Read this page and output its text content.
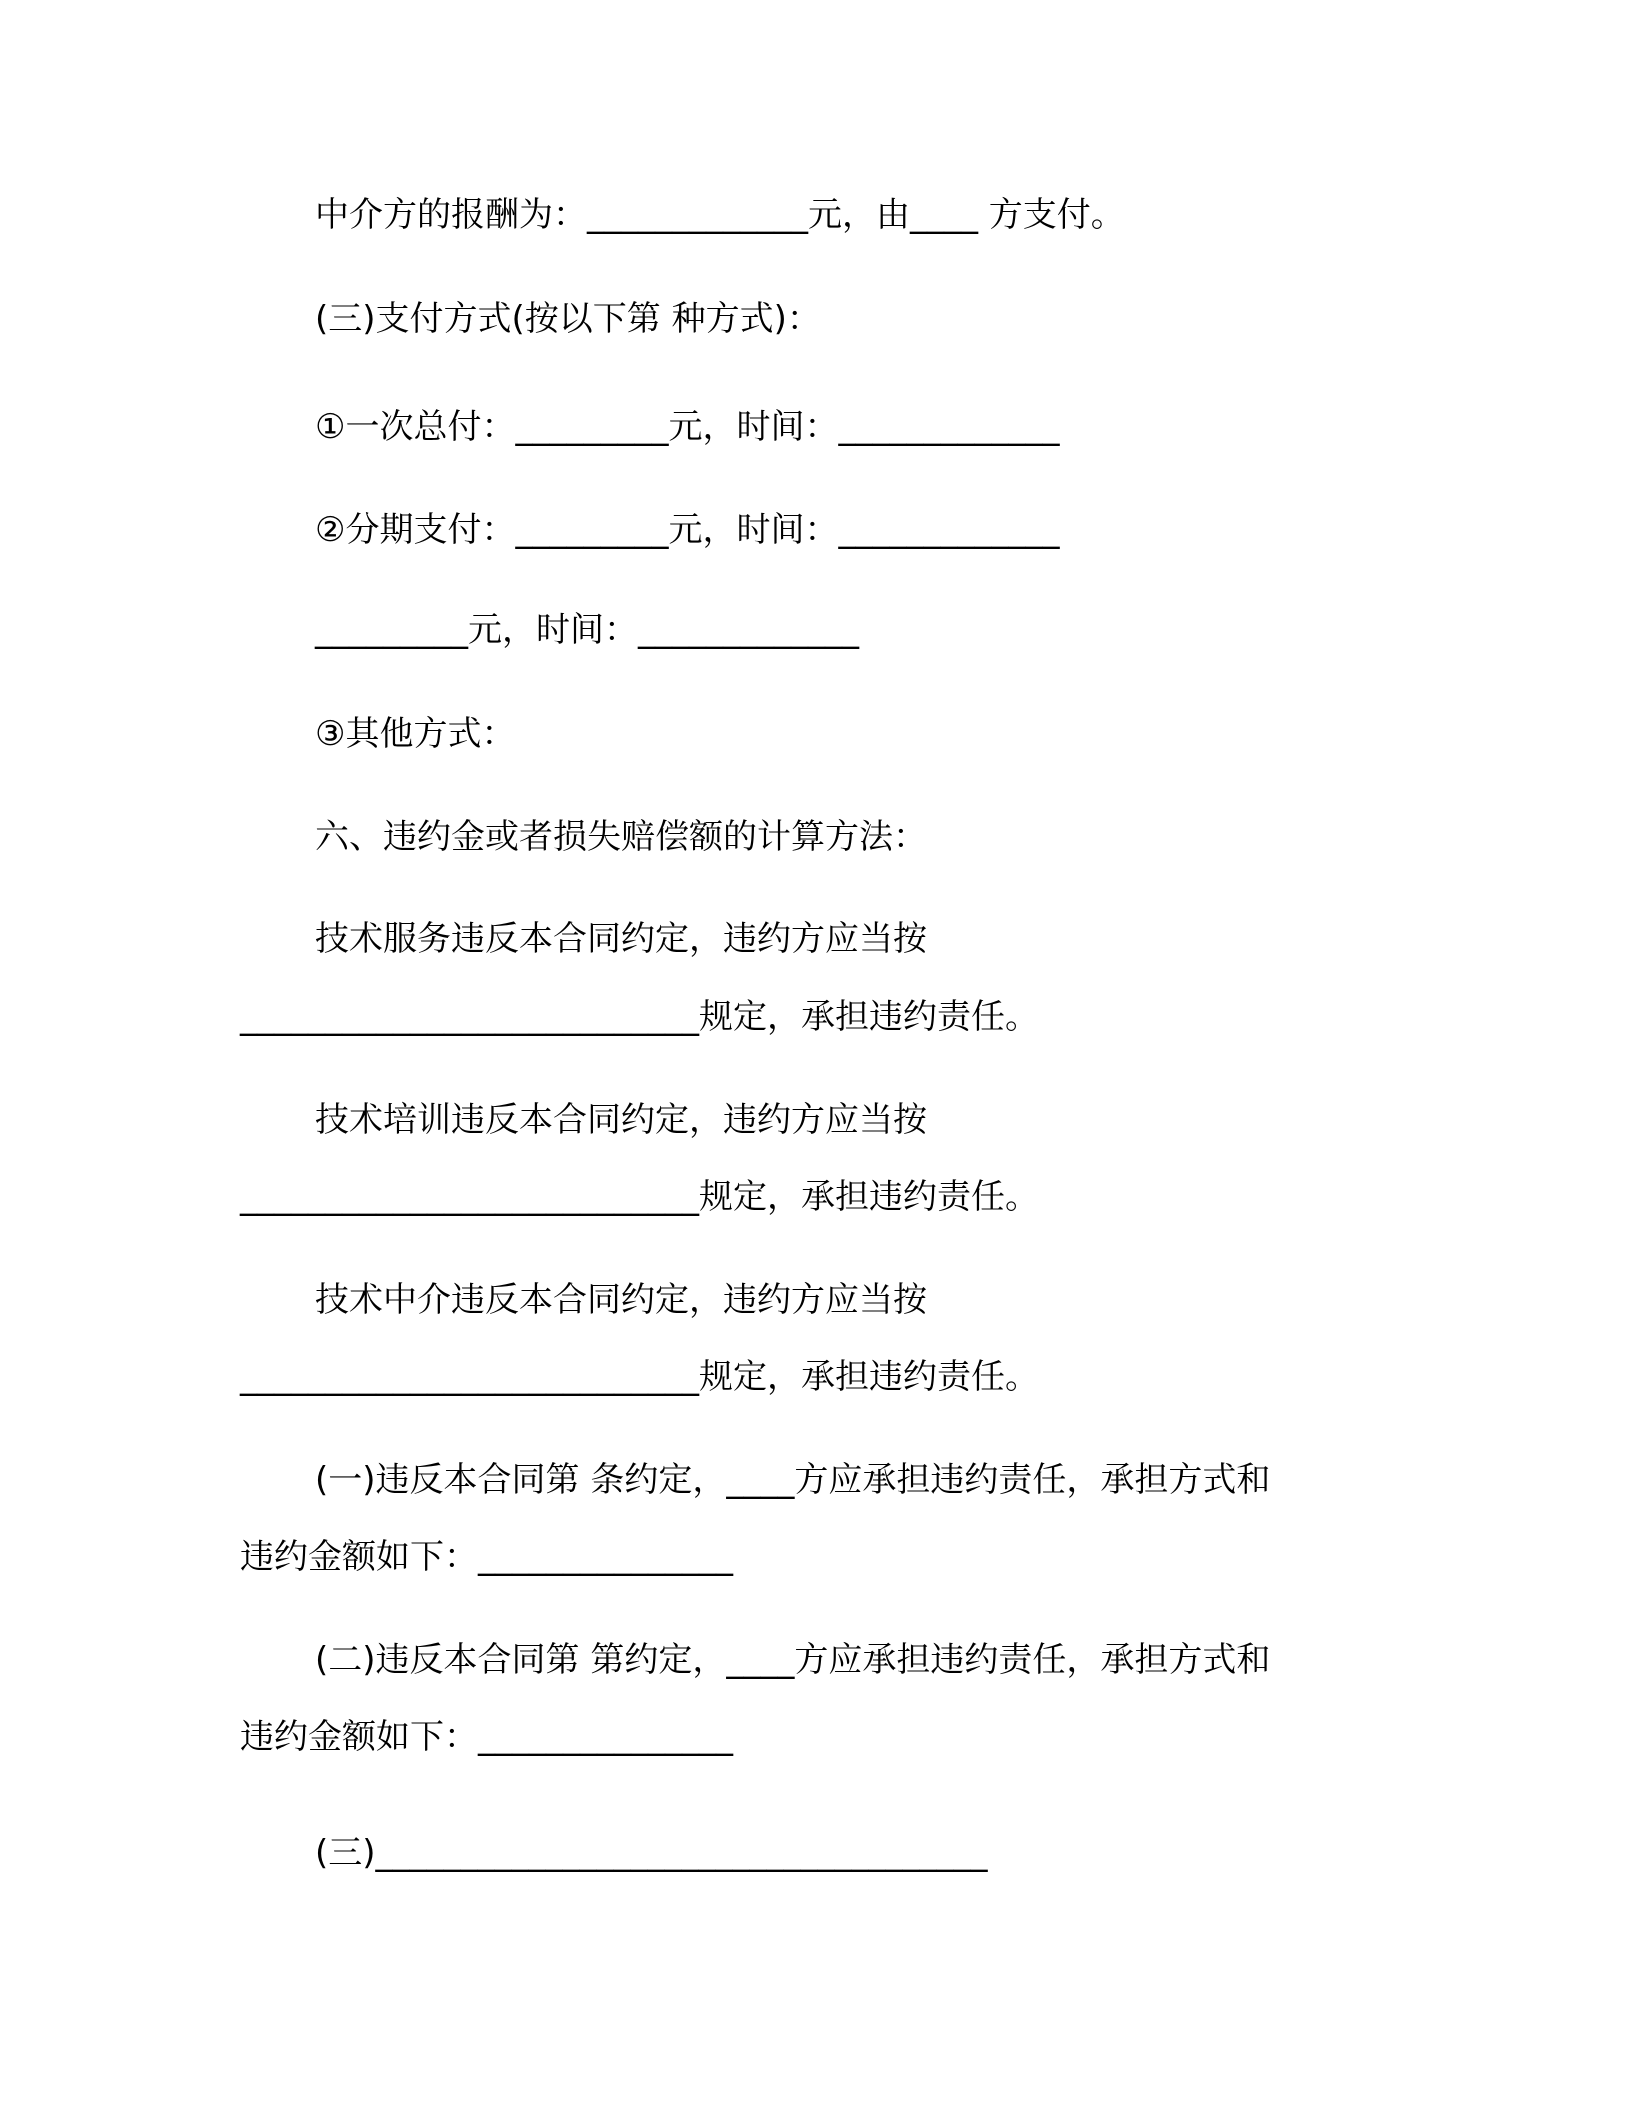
中介方的报酬为：_____________元，由____ 方支付。

(三)支付方式(按以下第 种方式)：

①一次总付：_________元，时间：_____________

②分期支付：_________元，时间：_____________

_________元，时间：_____________

③其他方式：

六、违约金或者损失赔偿额的计算方法：

技术服务违反本合同约定，违约方应当按

___________________________规定，承担违约责任。

技术培训违反本合同约定，违约方应当按

___________________________规定，承担违约责任。

技术中介违反本合同约定，违约方应当按

___________________________规定，承担违约责任。

(一)违反本合同第 条约定，____方应承担违约责任，承担方式和

违约金额如下：_______________

(二)违反本合同第 第约定，____方应承担违约责任，承担方式和

违约金额如下：_______________

(三)____________________________________
